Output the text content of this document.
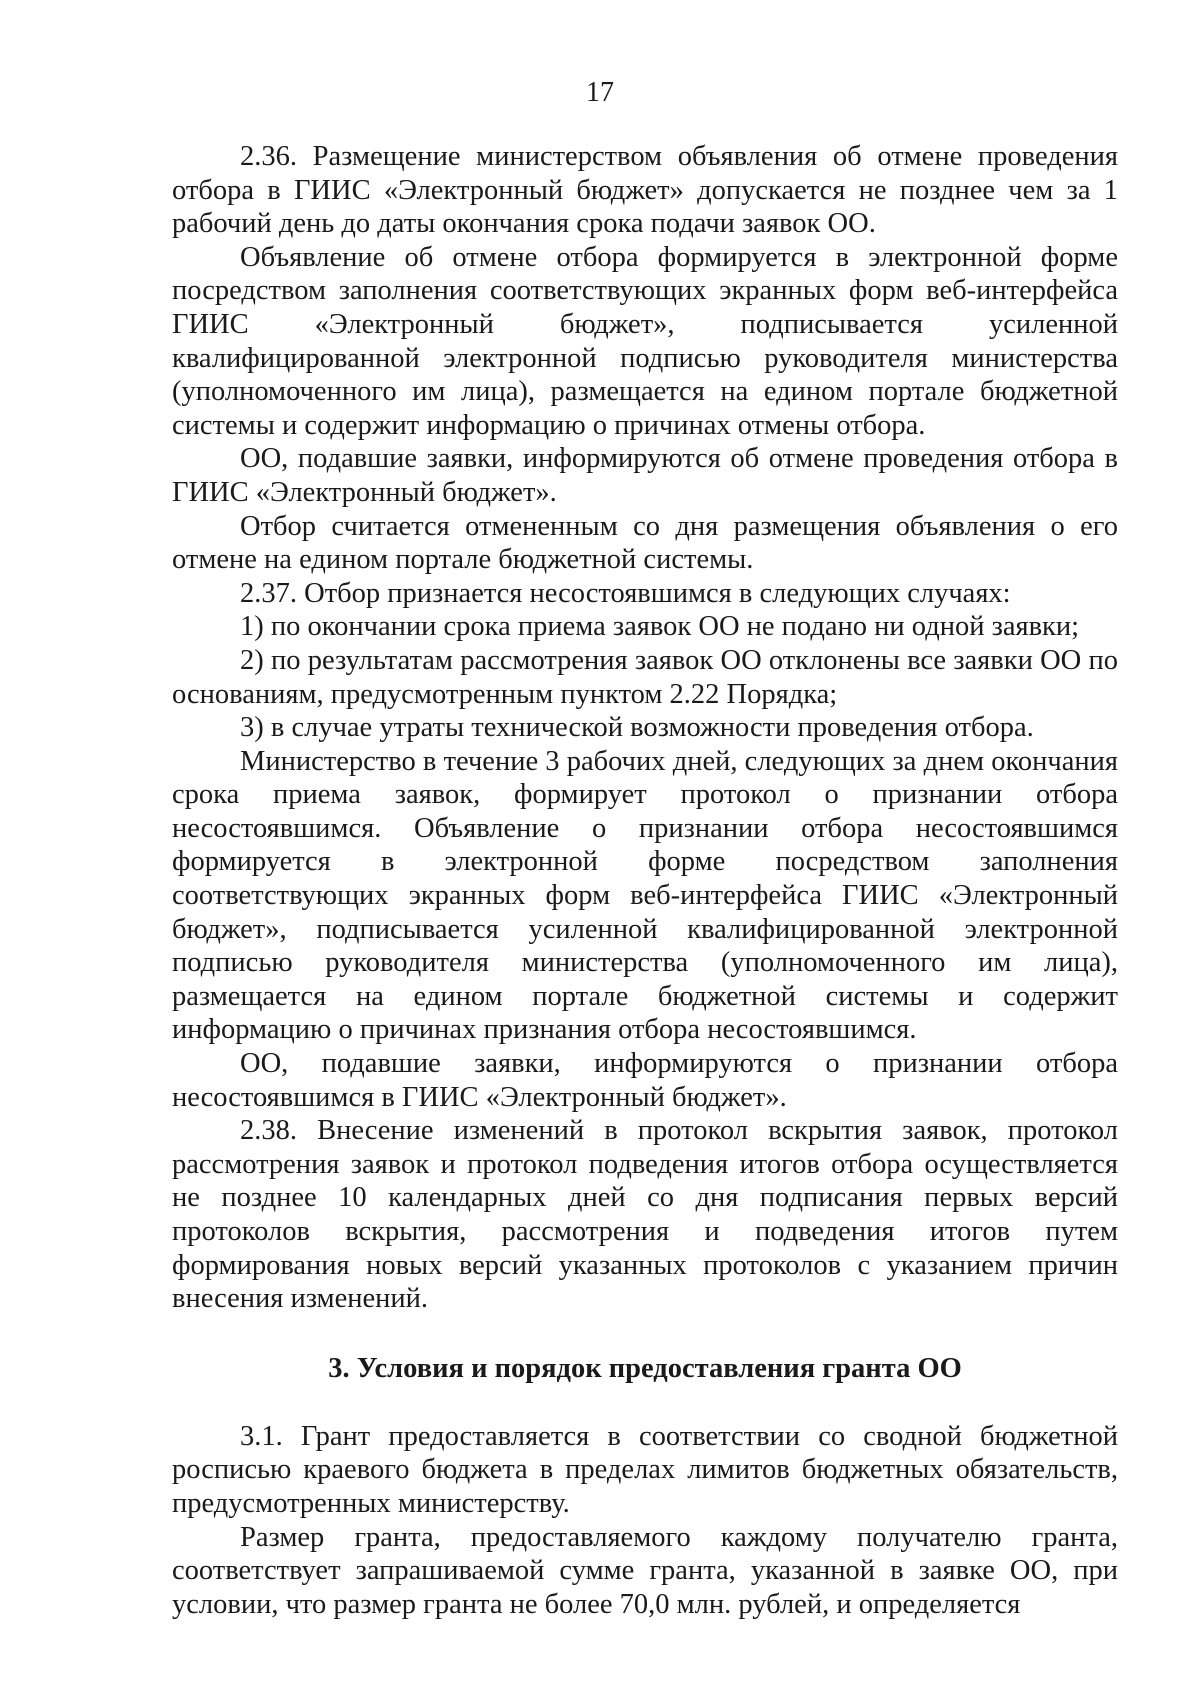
17

2.36. Размещение министерством объявления об отмене проведения отбора в ГИИС «Электронный бюджет» допускается не позднее чем за 1 рабочий день до даты окончания срока подачи заявок ОО.

Объявление об отмене отбора формируется в электронной форме посредством заполнения соответствующих экранных форм веб-интерфейса ГИИС «Электронный бюджет», подписывается усиленной квалифицированной электронной подписью руководителя министерства (уполномоченного им лица), размещается на едином портале бюджетной системы и содержит информацию о причинах отмены отбора.

ОО, подавшие заявки, информируются об отмене проведения отбора в ГИИС «Электронный бюджет».

Отбор считается отмененным со дня размещения объявления о его отмене на едином портале бюджетной системы.

2.37. Отбор признается несостоявшимся в следующих случаях:

1) по окончании срока приема заявок ОО не подано ни одной заявки;

2) по результатам рассмотрения заявок ОО отклонены все заявки ОО по основаниям, предусмотренным пунктом 2.22 Порядка;

3) в случае утраты технической возможности проведения отбора.

Министерство в течение 3 рабочих дней, следующих за днем окончания срока приема заявок, формирует протокол о признании отбора несостоявшимся. Объявление о признании отбора несостоявшимся формируется в электронной форме посредством заполнения соответствующих экранных форм веб-интерфейса ГИИС «Электронный бюджет», подписывается усиленной квалифицированной электронной подписью руководителя министерства (уполномоченного им лица), размещается на едином портале бюджетной системы и содержит информацию о причинах признания отбора несостоявшимся.

ОО, подавшие заявки, информируются о признании отбора несостоявшимся в ГИИС «Электронный бюджет».

2.38. Внесение изменений в протокол вскрытия заявок, протокол рассмотрения заявок и протокол подведения итогов отбора осуществляется не позднее 10 календарных дней со дня подписания первых версий протоколов вскрытия, рассмотрения и подведения итогов путем формирования новых версий указанных протоколов с указанием причин внесения изменений.

3. Условия и порядок предоставления гранта ОО

3.1. Грант предоставляется в соответствии со сводной бюджетной росписью краевого бюджета в пределах лимитов бюджетных обязательств, предусмотренных министерству.

Размер гранта, предоставляемого каждому получателю гранта, соответствует запрашиваемой сумме гранта, указанной в заявке ОО, при условии, что размер гранта не более 70,0 млн. рублей, и определяется
